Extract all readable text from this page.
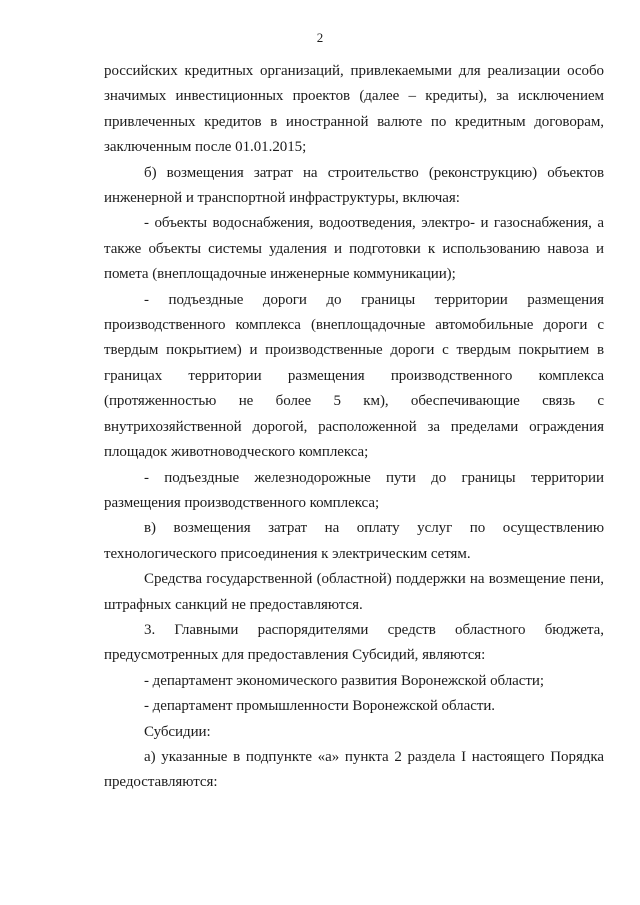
2

российских кредитных организаций, привлекаемыми для реализации особо значимых инвестиционных проектов (далее – кредиты), за исключением привлеченных кредитов в иностранной валюте по кредитным договорам, заключенным после 01.01.2015;

б) возмещения затрат на строительство (реконструкцию) объектов инженерной и транспортной инфраструктуры, включая:

- объекты водоснабжения, водоотведения, электро- и газоснабжения, а также объекты системы удаления и подготовки к использованию навоза и помета (внеплощадочные инженерные коммуникации);

- подъездные дороги до границы территории размещения производственного комплекса (внеплощадочные автомобильные дороги с твердым покрытием) и производственные дороги с твердым покрытием в границах территории размещения производственного комплекса (протяженностью не более 5 км), обеспечивающие связь с внутрихозяйственной дорогой, расположенной за пределами ограждения площадок животноводческого комплекса;

- подъездные железнодорожные пути до границы территории размещения производственного комплекса;

в) возмещения затрат на оплату услуг по осуществлению технологического присоединения к электрическим сетям.

Средства государственной (областной) поддержки на возмещение пени, штрафных санкций не предоставляются.

3. Главными распорядителями средств областного бюджета, предусмотренных для предоставления Субсидий, являются:

- департамент экономического развития Воронежской области;

- департамент промышленности Воронежской области.

Субсидии:

а) указанные в подпункте «а» пункта 2 раздела I настоящего Порядка предоставляются:
